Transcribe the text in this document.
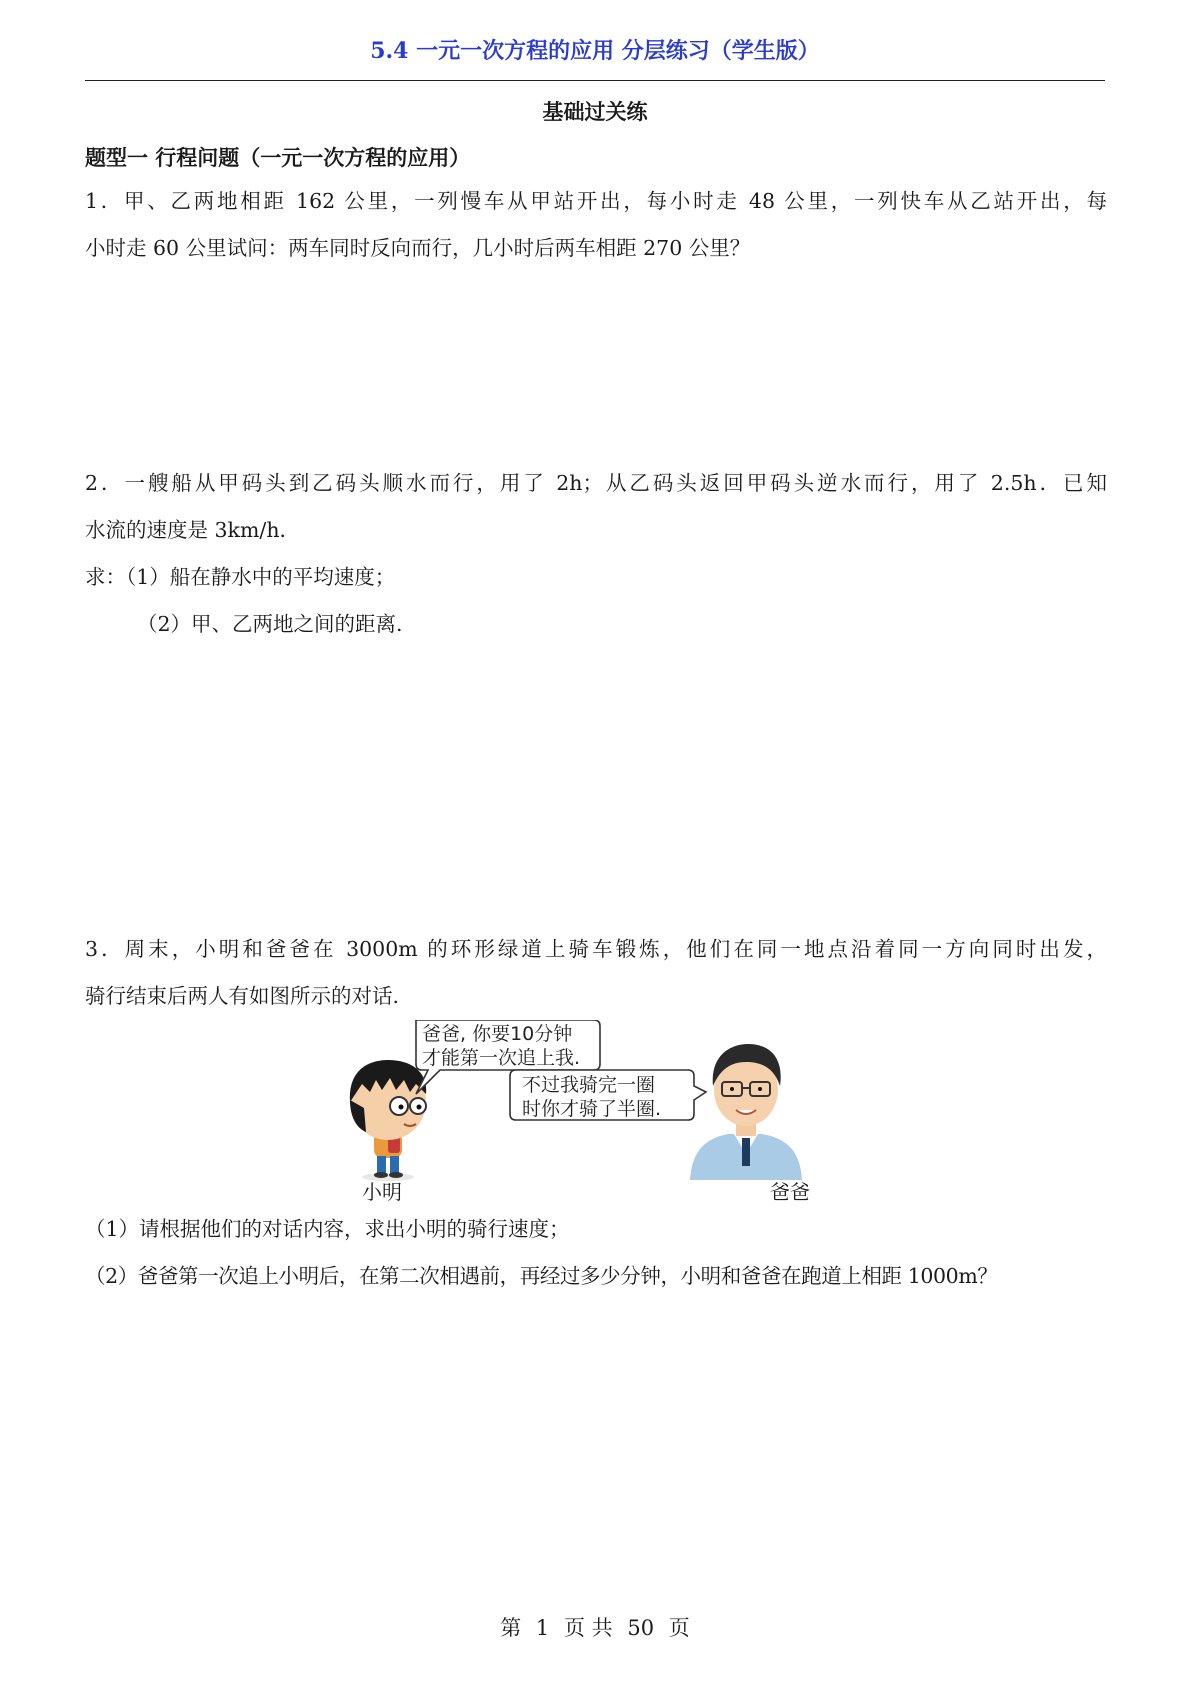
5.4 一元一次方程的应用 分层练习（学生版）
基础过关练
题型一 行程问题（一元一次方程的应用）
1．甲、乙两地相距 162 公里，一列慢车从甲站开出，每小时走 48 公里，一列快车从乙站开出，每
小时走 60 公里试问：两车同时反向而行，几小时后两车相距 270 公里？
2．一艘船从甲码头到乙码头顺水而行，用了 2h；从乙码头返回甲码头逆水而行，用了 2.5h．已知
水流的速度是 3km/h．
求：（1）船在静水中的平均速度；
（2）甲、乙两地之间的距离.
3．周末，小明和爸爸在 3000m 的环形绿道上骑车锻炼，他们在同一地点沿着同一方向同时出发，
骑行结束后两人有如图所示的对话.
爸爸, 你要10分钟
才能第一次追上我.
不过我骑完一圈
时你才骑了半圈.
小明	爸爸
（1）请根据他们的对话内容，求出小明的骑行速度；
（2）爸爸第一次追上小明后，在第二次相遇前，再经过多少分钟，小明和爸爸在跑道上相距 1000m？
第 1 页 共 50 页
